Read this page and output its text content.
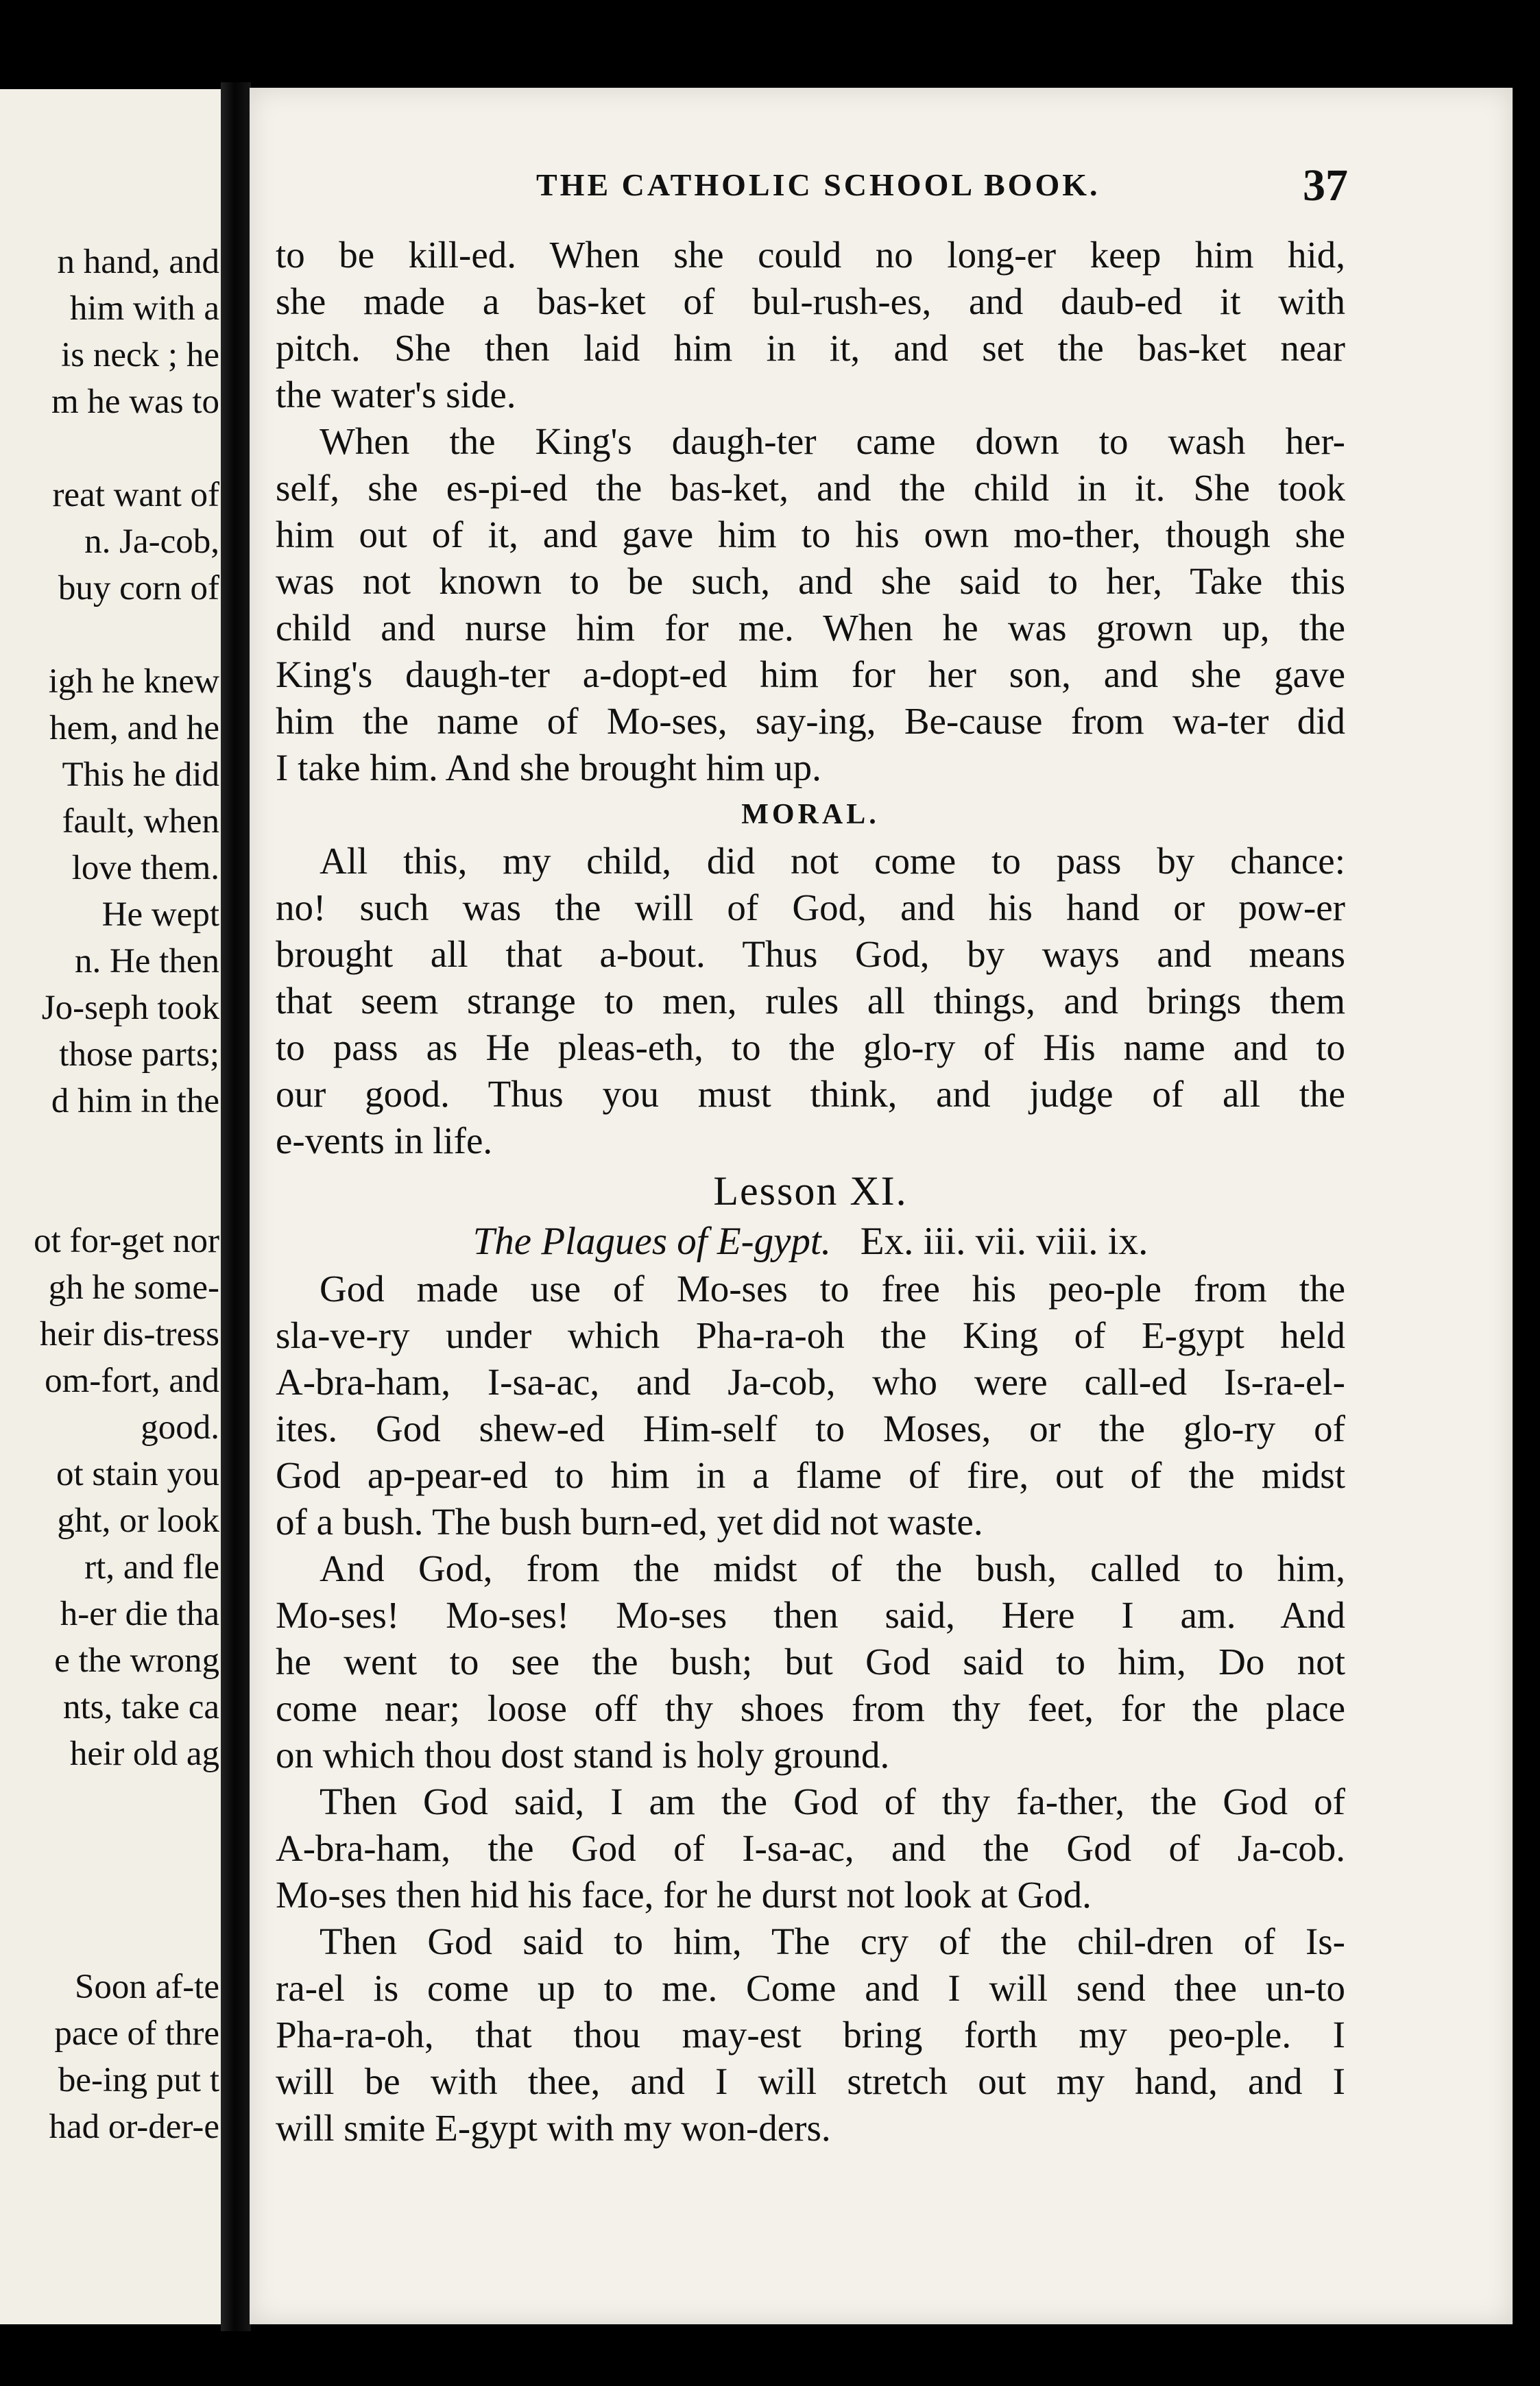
n hand, and

him with a

is neck ; he

m he was to

reat want of

n. Ja-cob,

buy corn of

igh he knew

hem, and he

This he did

fault, when

love them.

He wept

n. He then

Jo-seph took

those parts;

d him in the

ot for-get nor

gh he some-

heir dis-tress

om-fort, and

good.

ot stain you

ght, or look

rt, and fle

h-er die tha

e the wrong

nts, take ca

heir old ag

Soon af-te

pace of thre

be-ing put t

had or-der-e

THE CATHOLIC SCHOOL BOOK.	37
to be kill-ed. When she could no long-er keep him hid,
she made a bas-ket of bul-rush-es, and daub-ed it with
pitch. She then laid him in it, and set the bas-ket near
the water's side.
When the King's daugh-ter came down to wash her-
self, she es-pi-ed the bas-ket, and the child in it. She took
him out of it, and gave him to his own mo-ther, though she
was not known to be such, and she said to her, Take this
child and nurse him for me. When he was grown up, the
King's daugh-ter a-dopt-ed him for her son, and she gave
him the name of Mo-ses, say-ing, Be-cause from wa-ter did
I take him. And she brought him up.
MORAL.
All this, my child, did not come to pass by chance:
no! such was the will of God, and his hand or pow-er
brought all that a-bout. Thus God, by ways and means
that seem strange to men, rules all things, and brings them
to pass as He pleas-eth, to the glo-ry of His name and to
our good. Thus you must think, and judge of all the
e-vents in life.
Lesson XI.
The Plagues of E-gypt. Ex. iii. vii. viii. ix.
God made use of Mo-ses to free his peo-ple from the
sla-ve-ry under which Pha-ra-oh the King of E-gypt held
A-bra-ham, I-sa-ac, and Ja-cob, who were call-ed Is-ra-el-
ites. God shew-ed Him-self to Moses, or the glo-ry of
God ap-pear-ed to him in a flame of fire, out of the midst
of a bush. The bush burn-ed, yet did not waste.
And God, from the midst of the bush, called to him,
Mo-ses! Mo-ses! Mo-ses then said, Here I am. And
he went to see the bush; but God said to him, Do not
come near; loose off thy shoes from thy feet, for the place
on which thou dost stand is holy ground.
Then God said, I am the God of thy fa-ther, the God of
A-bra-ham, the God of I-sa-ac, and the God of Ja-cob.
Mo-ses then hid his face, for he durst not look at God.
Then God said to him, The cry of the chil-dren of Is-
ra-el is come up to me. Come and I will send thee un-to
Pha-ra-oh, that thou may-est bring forth my peo-ple. I
will be with thee, and I will stretch out my hand, and I
will smite E-gypt with my won-ders.
